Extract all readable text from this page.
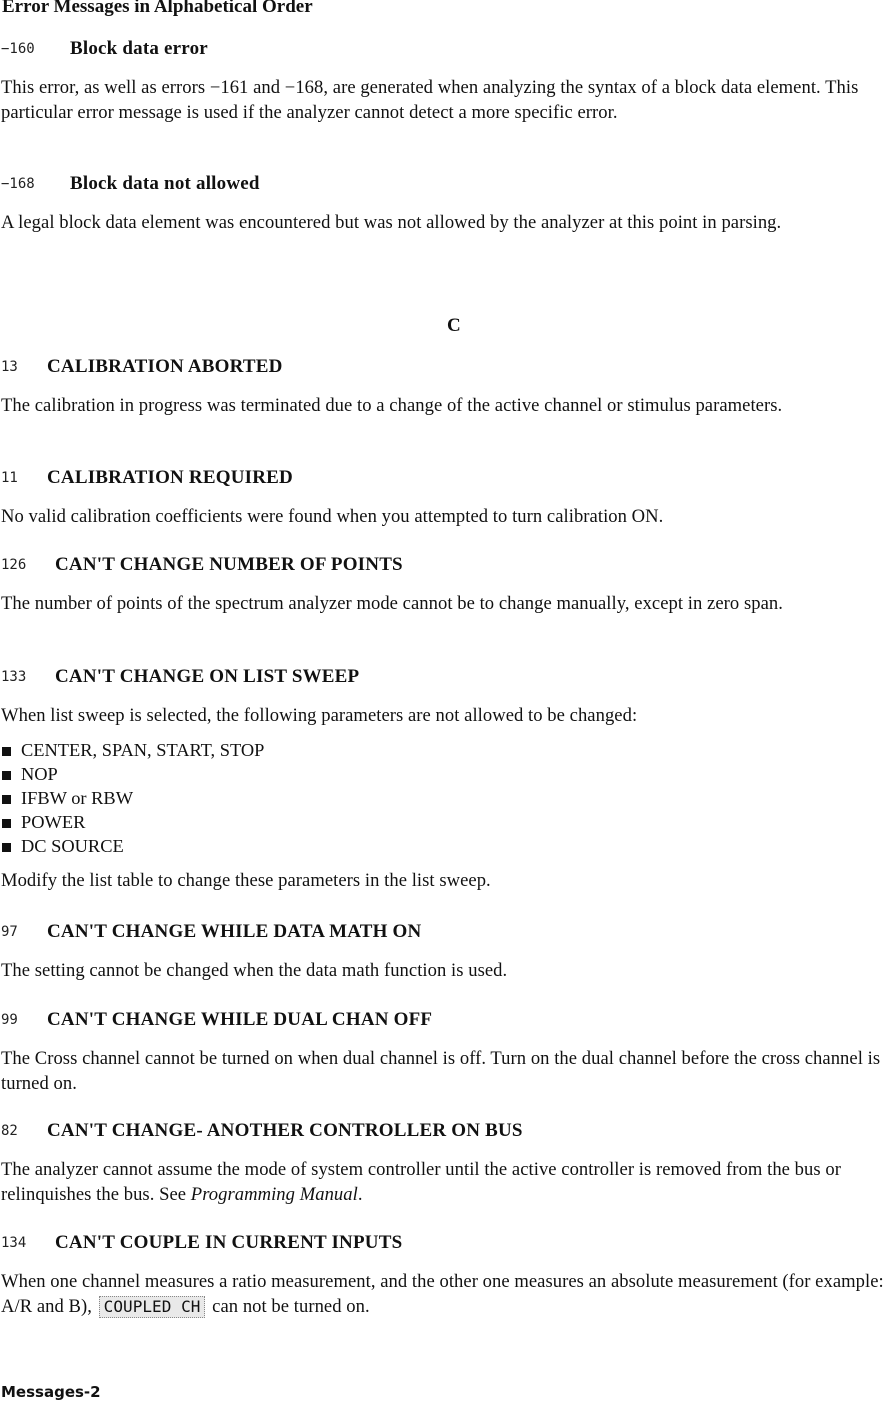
Error Messages in Alphabetical Order
−160 Block data error

This error, as well as errors −161 and −168, are generated when analyzing the syntax of a block data element. This particular error message is used if the analyzer cannot detect a more specific error.

−168 Block data not allowed

A legal block data element was encountered but was not allowed by the analyzer at this point in parsing.

C
13 CALIBRATION ABORTED

The calibration in progress was terminated due to a change of the active channel or stimulus parameters.

11 CALIBRATION REQUIRED

No valid calibration coefficients were found when you attempted to turn calibration ON.

126 CAN'T CHANGE NUMBER OF POINTS

The number of points of the spectrum analyzer mode cannot be to change manually, except in zero span.

133 CAN'T CHANGE ON LIST SWEEP

When list sweep is selected, the following parameters are not allowed to be changed:

CENTER, SPAN, START, STOP
NOP
IFBW or RBW
POWER
DC SOURCE

Modify the list table to change these parameters in the list sweep.

97 CAN'T CHANGE WHILE DATA MATH ON

The setting cannot be changed when the data math function is used.

99 CAN'T CHANGE WHILE DUAL CHAN OFF

The Cross channel cannot be turned on when dual channel is off. Turn on the dual channel before the cross channel is turned on.

82 CAN'T CHANGE- ANOTHER CONTROLLER ON BUS

The analyzer cannot assume the mode of system controller until the active controller is removed from the bus or relinquishes the bus. See Programming Manual.

134 CAN'T COUPLE IN CURRENT INPUTS

When one channel measures a ratio measurement, and the other one measures an absolute measurement (for example: A/R and B), COUPLED CH can not be turned on.

Messages-2
